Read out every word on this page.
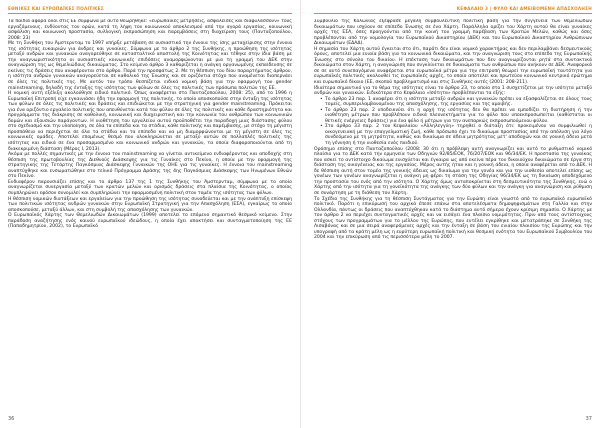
ΕΘΝΙΚΕΣ ΚΑΙ ΕΥΡΩΠΑΪΚΕΣ ΠΟΛΙΤΙΚΕΣ

Τα παιδιά αφορά όλοι στις ΕΕ σύμφωνα με αυτό θεωρήθηκε: «ευρωπαϊκές μετρήσεις, ασφαλείσες και διαφυλάσσουν» τους εργαζόμενους, ενδύοντας τον ορών, κατά τη λήψη τον κοινωνικού αποκλεισμού από την αγορά εργασίας, κοινωνική ασφάλιση και κοινωνική προστασία, συλλογική εκπροσώπηση και παρεμβάσεις στη διαχείριση τους (Πανταζοπούλου, 2008: 23)

Με τη Συνθήκη του Άμστερνταμ το 1997 υπήρξε μετάβαση σε ουσιαστικό την έννοια της ίσης μεταχείρισης στην έννοια της ισότητας ευκαιριών για άνδρες και γυναίκες. Σύμφωνα με το άρθρο 2 της Συνθήκης, η προώθηση της ισότητας μεταξύ ανδρών και γυναικών αναγορεύθηκε σε κατασταλτικό αποστολή της Κοινότητας και τέθηκε στην ίδια βάση με την αναγνωριστικότητα οι ουσιαστικές κοινωνικές επιδόσεις αναμορφώνονται με μια τη γραμμή του ΔΕΚ στην αναγνώριση της ως θεμελιώδους δικαιώματος. Στο κείμενο άρθρο 3 καθορίζεται η ανάγκη οργανωμένης εκπαίδευσης σε εκείνες τις δράσεις που αναφέρονται στο άρθρο. Παρά την προσφάτως 2. Με τη θέσπιση του δίου παραρτήματος άρθρου, η ισότητα ανδρών γυναικών αναγορεύεται σε καθολικό της Ένωσης και σε οριζόντια στόχο που αναμένεται διαπερνάει σε όλες τις πολιτικές της. Με αυτόν τον τρόπο θεσπίζεται ειδικά νομική βάση για την εφαρμογή του gender mainstreaming, δηλαδή της ένταξης της ισότητας των φύλων σε όλες τις πολιτικές των πρόσωπα πολιτών της ΕΕ.

Η νομική αυτή εξέλιξη ακολούθησε ειδικό πολιτικό. Όπως αναφέρεται στο Πανταζοπούλου, 2008: 25), από το 1996 η Ευρωπαϊκή Επιτροπή είχε εγκαινιάσει ήδη την εφαρμογή της πολιτικής, το οποίο αποσκοπούσε στην ένταξη της ισότητας των φύλων σε όλες τις πολιτικές και δράσεις και επιδιώκεται με την στρατηγική για gender mainstreaming. Πρόκειται για ένα οριζόντιο εργαλείο πολιτικής που απευθύνεται κατά του φύλου σε όλες τις πολιτικές και κάθε δραστηριότητα και προγράμματα της διάκρισης σε καθολική, κοινωνική και διαχειριστική και την κοινωνία του ανθρώπου των κοινωνικών δομών και εξουσιών παράγοντων. Η υιοθέτηση του εργαλείου αυτού προϋποθέτει την παραδοχή μιας διάστασης φύλου στο σχεδιασμό και την υλοποίηση, σε όλα τα επίπεδα και τα στάδια, κάθε πολιτικής και παρέμβασης, με στόχο τη μέγιστη προσπάθεια να περιέχεται σε όλα τα στάδια και τα επίπεδα και να μη διαμορφώνονται με τη μέγιστη σε όλες τις κοινωνικές ομάδες. Αποτελεί επομένως θεσμό που ολοκληρώνεται σε μεταξύ αυτών σε πολλαπλές πολιτικές της ισότητας και ειδικά σε ένα προσαρμοσμένο και κοινωνικό ανδρών και γυναικών, τα οποία διαφοροποιούνται από τη διακεκριμένη διάσταση (Μέρος Ι, 2013).

Ακόμα με πολλές σημαντικές με την έννοια του mainstreaming να γίνεται αντικείμενο ενδιαφέροντος και αποδοχής στη θέσπιση της πρωτοβουλίας της Διεθνούς Διάσκεψης για τις Γυναίκες στο Πεκίνο, η οποία με την εφαρμογή της στρατηγικής της Τετάρτης Παγκόσμιας Διάσκεψης Γυναικών της ΟΗΕ για τις γυναίκες. Η έννοια του mainstreaming αναπτύχθηκε και ενσωματώθηκε στο τελικό Πρόγραμμα Δράσης της 4ης Παγκόσμιας Διάσκεψης των Ηνωμένων Εθνών στο Πεκίνο.

Ενδιαφέρον παρουσιάζει επίσης και το άρθρο 137 της 1 της Συνθήκης του Άμστερνταμ, σύμφωνα με το οποίο αναγνωρίζεται συνεργασία μεταξύ των κρατών μελών και ορισμός δράσεις στα πλαίσια της Κοινότητας, ο οποίος συμπληρώνει εφόσον συνομιλεί και συμπληρώνει την εφαρμοσμένη πολιτική στον τομέα της ισότητας των φύλων.

Η θέσπιση νομικών διατάξεων και εργαλείων για την προώθηση της ισότητας συνοδεύεται και με την ανάπτυξη επίσκεψη των πολιτικών ισότητας ανδρών γυναικών στην Ευρωπαϊκή Στρατηγική για την Απασχόληση (ΕΣΑ), εγκαίρως το οποίο αποσκοπούσε, μεταξύ άλλων, και στη συμβολή της απασχόλησης των γυναικών.

Ο Ευρωπαϊκός Χάρτης των Θεμελιωδών Δικαιωμάτων (1999) αποτελεί το επόμενο σημαντικό θεσμικό κείμενο. Στην παράδοση αναζήτησης ενός καινού ευρωπαϊκού ιδεώδους, η οποία έχει αποκτήσει και συνταγματοποίηση της ΕΕ (Παπαδημητρίου, 2002), το Ευρωπαϊκό

36
ΚΕΦΑΛΑΙΟ 3 | ΦΥΛΟ ΚΑΙ ΑΜΕΙΒΟΜΕΝΗ ΑΠΑΣΧΟΛΗΣΗ

Συμβούλιο της Κολωνίας εξέφρασε μεγάλη συμβουλευτική πολιτική βάση για την συγγένειά των θεμελιωδών δικαιωμάτων που ισχύουν σε επίπεδο Ένωσης σε ένα Χάρτη. Παράλληλα ορίζει του Χάρτη αυτού θα είναι γυναίκες αρχές της ΕΣΑ, όσες προηγούνται από την κοινή του γραμμή παρέβαση των Κρατών Μελών, καθώς και όσες προβλέπονται από την νομολογία του Ευρωπαϊκού Δικαστηρίου (ΔΕΚ) και του Ευρωπαϊκού Δικαστηρίου Ανθρώπινων Δικαιωμάτων (ΕΔΑΔ).

Η σημασία του Χάρτη αυτού έγκειται στο ότι, παρότι δεν είναι νομικό χαρακτήρας και δεν περιλαμβάνει δεσμευτικούς όρους, αποτελεί μια ενιαία βάση για τα κοινωνικά δικαιώματα, και την αναγνώριση τους στο επίπεδο της Ευρωπαϊκής Ένωσης στο σύνολο του δικαίου. Η επέκταση των δικαιωμάτων που δεν αναγνωρίζονται ρητά στα συντακτικά δικαιώματα στον Χάρτη, η αναγνώριση που συγκλίνεται σε δικαιώματα των ανθρώπων που ανήκουν σε ΔΕΚ. Αναφορικά σε σε αυτό συνεπαγόμενα αναφέρεται στα ευρωπαϊκά μέτρα για την επιτροπή θεωρεί την ευρωπαϊκή ταυτότητα για ευρωπαϊκές πολιτικές ακολουθεί τις ευρωπαϊκές αρχές, το οποίο αποτελεί και πρωτεύον κοινωνικό κεντρικό ερώτημα και ευρωπαϊκό δίκαιο (ΕΕ, σκοπού προβληματισμό και στις Συνθήκες αυτές (2001: 208-211).

Ιδιαίτερα σημαντικό για το θέμα της ισότητας είναι το άρθρο 23, το οποίο στο 1 συσχετίζεται με την ισότητα μεταξύ ανδρών και γυναικών. Ειδικότερα στο Κεφάλαιο «Ισότητα» προβλέπονται τα εξής:

• Το άρθρο 23 παρ. 1 αναφέρει ότι η ισότητα μεταξύ ανδρών και γυναικών πρέπει να εξασφαλίζεται σε όλους τους τομείς, συμπεριλαμβανομένου της απασχόλησης, της εργασίας και της αμοιβής.
• Το άρθρο 23 παρ. 2 υποδεικνύει ότι η αρχή της ισότητας δεν θα πρέπει να εμποδίζει τη διατήρηση ή την υιοθέτηση μέτρων που προβλέπουν ειδικά πλεονεκτήματα για το φύλο που υποεκπροσωπείται (καθίσταται οι θετικές ενέργειες δράσεις) για ένα φύλο ή μέτρων για την ανεπαρκώς εκπροσωπούμενου φύλου.
• Στο άρθρο 33 παρ. 2 του Κεφαλαίου «Αλληλεγγύη» τηρηθεί ο διάταξη ότι: προκειμένου να συμφιλιωθεί η οικογενειακή με την επαγγελματική ζωή, κάθε πρόσωπο έχει το δικαίωμα προστασίας από την απόλυση για λόγο συνδεόμενο με τη μητρότητα, καθώς και δικαίωμα σε άδεια μητρότητας μετ' αποδοχών και σε γονική άδεια μετά τη γέννηση ή την υιοθεσία ενός παιδιού.

Ορόσημο επίσης στο Πανταζοπούλου (2008: 30 ότι η πρόβλεψη αυτή αναγνωρίζει και αυτό το ρυθμιστικό νομικό πλαίσιο για το ΔΕΚ κατά την ερμηνεία των Οδηγιών 92/85/ΕΟΚ, 76/207/ΕΟΚ και 96/34/ΕΚ. Η προστασία της γυναίκας που ασκεί το αντίστοιχο δικαίωμα ενισχύεται και έγκαιρα ως από εκείνα πέρα του δικαιούχου δικαιώματα σε έργα στη διάσταση της οικογένειας και της εργασίας. Μέρος αυτής ήταν και η γονική άδεια, η οποία αναφέρεται από το ΔΕΚ. Η δε θέσπιση αυτή στον τομέα της γονικής άδειας ως δικαίωμα για την γονέα και για την υιοθεσία αποτελεί επίσης ως γονέων των γονέων αναγνωρίζεται η ανάγκη μη φέρει τη στάση της Οδηγίας 96/34/ΕΚ ως τη δικαίωση αποδεχόμενο την προστασία του ενός από την ισότητα. Ο Χάρτης όμως ανταποκρίνεται στη δεσμευτικότητα της Συνθήκης, ενώ ο Χάρτης από την ισότητα για τη γονεϊκότητα της ανάγκης των δύο φύλων και την ανάγκη για αναγνώριση και ρύθμιση σε συνάρτηση με τη διάθεση του Χάρτη.

Το Σχέδιο της Συνθήκης για τη θέσπιση Συντάγματος για την Ευρώπη είναι γνωστό από το ευρωπαϊκό ευρωπαϊκό πολιτικό. Παρότι η επικύρωσή του αρχικά έπεσε επάνω στα αποτελέσματα δημοψηφισμάτων στη Γαλλία και στην Ολλανδία, πάντως οι δράσεις που αναπτύχθηκαν κατά το διάστημα αυτό σήμερα έχουν κρίσιμη σημασία. Ο Χάρτης με τον άρθρο 2 να περιέχει συνταγματικές αρχές και να εισάγει ένα πλαίσιο νομιμότητας. Πριν από τους αντίστοιχους στόχους των προγραμμάτων για το μέλλον της Ευρώπης, που εντέλει εγκρίθηκε και μετατράπηκε σε Συνθήκη της Λισαβόνας και σε μια σειρά αναφερόμενες αρχές και την ένταξη σε βάση του ενιαίου πλαισίου της Ευρώπης και την υπογραφή από τα κράτη μέλη ως η ευρύτερη ευρωπαϊκή πολιτική και θεσμική ενότητα του Ευρωπαϊκού Συμβουλίου του 2004 και την επικύρωση από τις περισσότερα μέλη το 2007.

37
